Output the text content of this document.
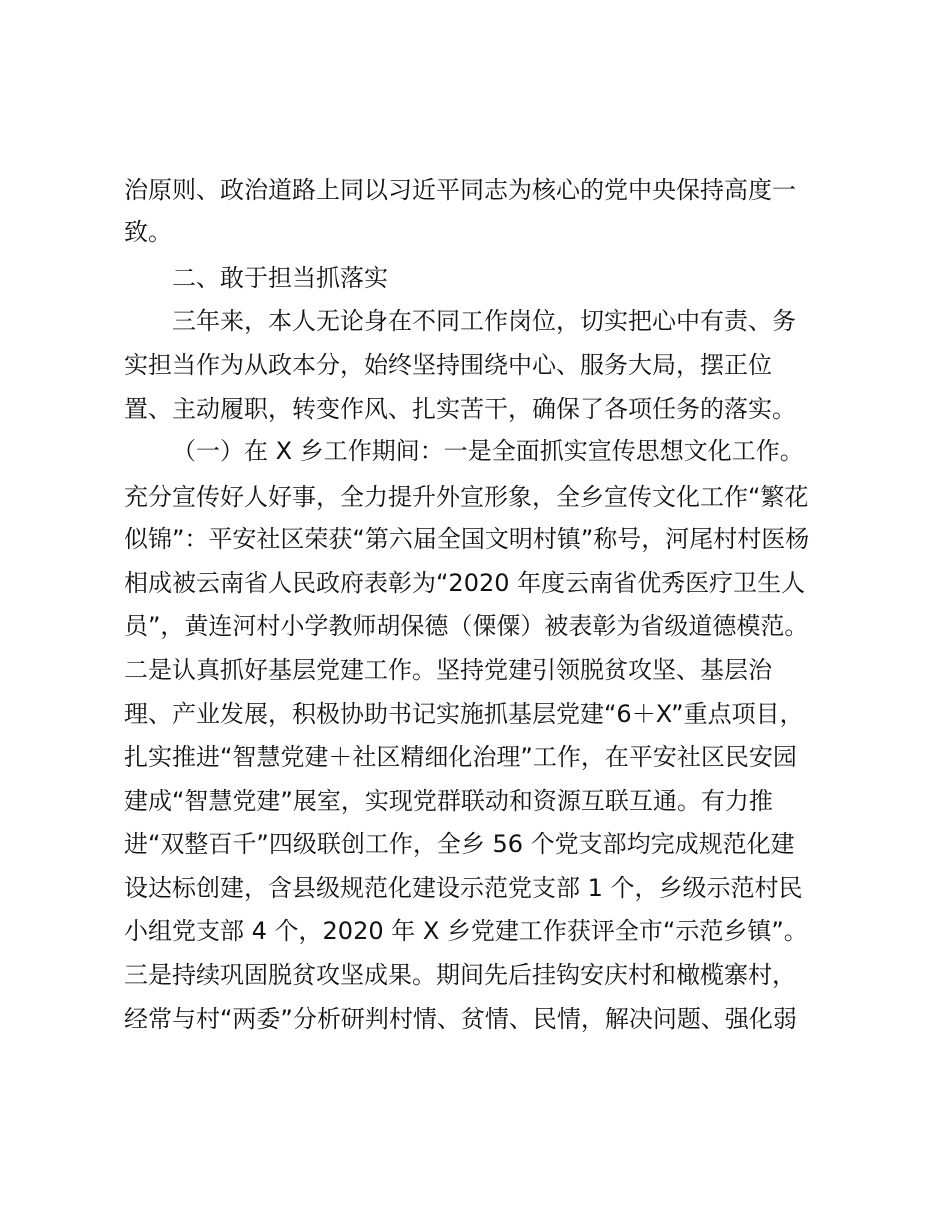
治原则、政治道路上同以习近平同志为核心的党中央保持高度一
致。
二、敢于担当抓落实
三年来，本人无论身在不同工作岗位，切实把心中有责、务
实担当作为从政本分，始终坚持围绕中心、服务大局，摆正位
置、主动履职，转变作风、扎实苦干，确保了各项任务的落实。
（一）在 X 乡工作期间：一是全面抓实宣传思想文化工作。
充分宣传好人好事，全力提升外宣形象，全乡宣传文化工作“繁花
似锦”：平安社区荣获“第六届全国文明村镇”称号，河尾村村医杨
相成被云南省人民政府表彰为“2020 年度云南省优秀医疗卫生人
员”，黄连河村小学教师胡保德（傈僳）被表彰为省级道德模范。
二是认真抓好基层党建工作。坚持党建引领脱贫攻坚、基层治
理、产业发展，积极协助书记实施抓基层党建“6＋X”重点项目，
扎实推进“智慧党建＋社区精细化治理”工作，在平安社区民安园
建成“智慧党建”展室，实现党群联动和资源互联互通。有力推
进“双整百千”四级联创工作，全乡 56 个党支部均完成规范化建
设达标创建，含县级规范化建设示范党支部 1 个，乡级示范村民
小组党支部 4 个，2020 年 X 乡党建工作获评全市“示范乡镇”。
三是持续巩固脱贫攻坚成果。期间先后挂钩安庆村和橄榄寨村，
经常与村“两委”分析研判村情、贫情、民情，解决问题、强化弱
